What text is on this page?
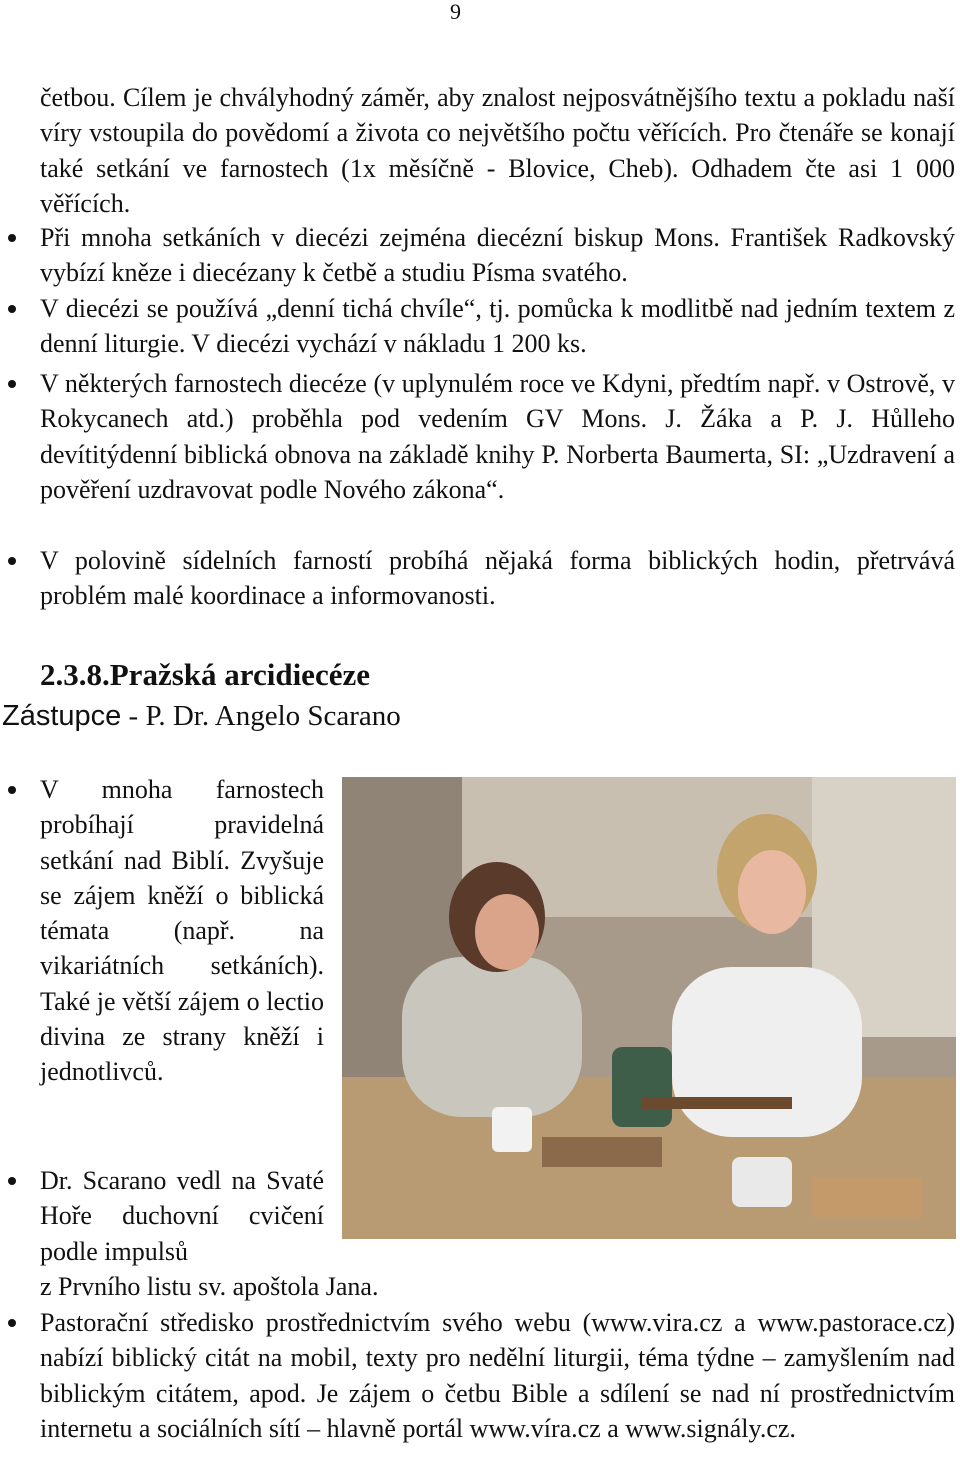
9
četbou. Cílem je chvályhodný záměr, aby znalost nejposvátnějšího textu a pokladu naší víry vstoupila do povědomí a života co největšího počtu věřících. Pro čtenáře se konají také setkání ve farnostech (1x měsíčně - Blovice, Cheb). Odhadem čte asi 1 000 věřících.
Při mnoha setkáních v diecézi zejména diecézní biskup Mons. František Radkovský vybízí kněze i diecézany k četbě a studiu Písma svatého.
V diecézi se používá „denní tichá chvíle“, tj. pomůcka k modlitbě nad jedním textem z denní liturgie. V diecézi vychází v nákladu 1 200 ks.
V některých farnostech diecéze (v uplynulém roce ve Kdyni, předtím např. v Ostrově, v Rokycanech atd.) proběhla pod vedením GV Mons. J. Žáka a P. J. Hůlleho devítitýdenní biblická obnova na základě knihy P. Norberta Baumerta, SI: „Uzdravení a pověření uzdravovat podle Nového zákona“.
V polovině sídelních farností probíhá nějaká forma biblických hodin, přetrvává problém malé koordinace a informovanosti.
2.3.8.Pražská arcidiecéze
Zástupce - P. Dr. Angelo Scarano
V mnoha farnostech probíhají pravidelná setkání nad Biblí. Zvyšuje se zájem kněží o biblická témata (např. na vikariátních setkáních). Také je větší zájem o lectio divina ze strany kněží i jednotlivců.
Dr. Scarano vedl na Svaté Hoře duchovní cvičení podle impulsů
z Prvního listu sv. apoštola Jana.
Pastorační středisko prostřednictvím svého webu (www.vira.cz a www.pastorace.cz) nabízí biblický citát na mobil, texty pro nedělní liturgii, téma týdne – zamyšlením nad biblickým citátem, apod. Je zájem o četbu Bible a sdílení se nad ní prostřednictvím internetu a sociálních sítí – hlavně portál www.víra.cz a www.signály.cz.
